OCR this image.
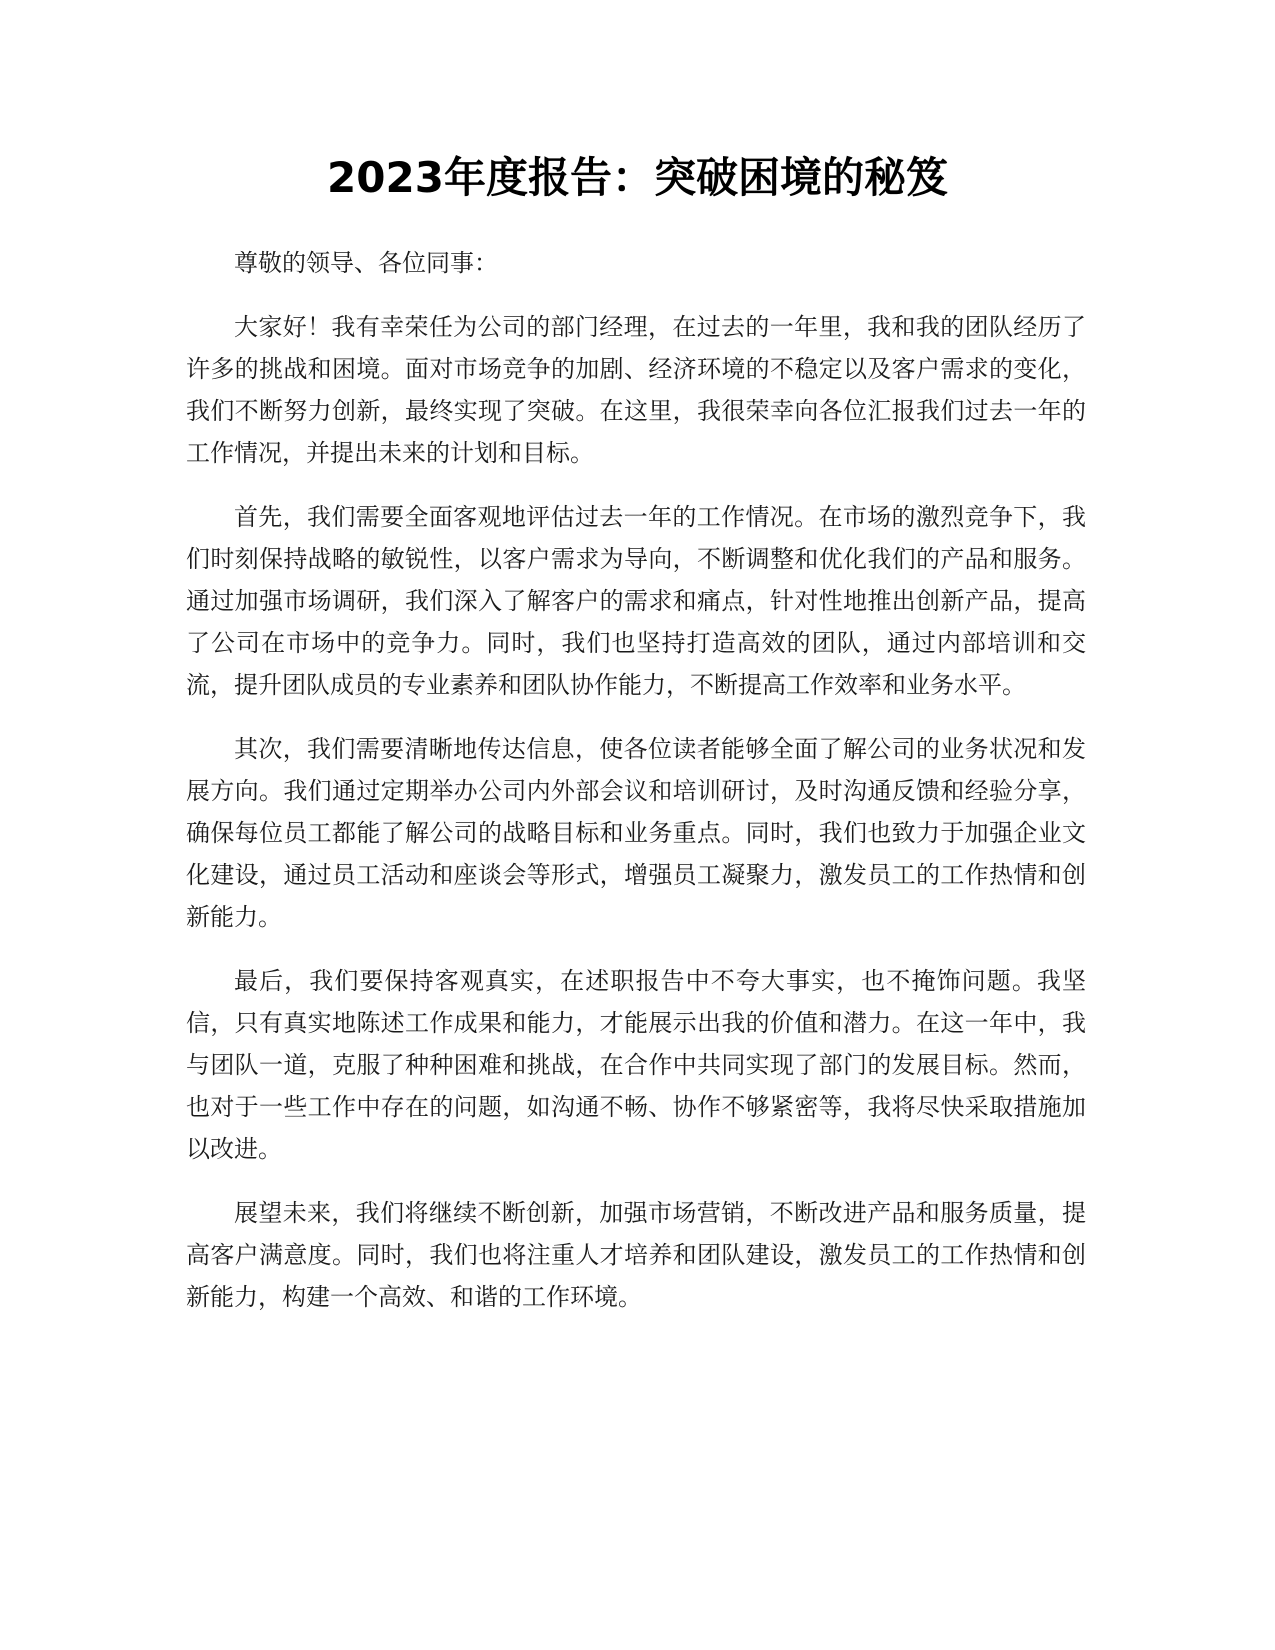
2023年度报告：突破困境的秘笈

尊敬的领导、各位同事：

大家好！我有幸荣任为公司的部门经理，在过去的一年里，我和我的团队经历了许多的挑战和困境。面对市场竞争的加剧、经济环境的不稳定以及客户需求的变化，我们不断努力创新，最终实现了突破。在这里，我很荣幸向各位汇报我们过去一年的工作情况，并提出未来的计划和目标。

首先，我们需要全面客观地评估过去一年的工作情况。在市场的激烈竞争下，我们时刻保持战略的敏锐性，以客户需求为导向，不断调整和优化我们的产品和服务。通过加强市场调研，我们深入了解客户的需求和痛点，针对性地推出创新产品，提高了公司在市场中的竞争力。同时，我们也坚持打造高效的团队，通过内部培训和交流，提升团队成员的专业素养和团队协作能力，不断提高工作效率和业务水平。

其次，我们需要清晰地传达信息，使各位读者能够全面了解公司的业务状况和发展方向。我们通过定期举办公司内外部会议和培训研讨，及时沟通反馈和经验分享，确保每位员工都能了解公司的战略目标和业务重点。同时，我们也致力于加强企业文化建设，通过员工活动和座谈会等形式，增强员工凝聚力，激发员工的工作热情和创新能力。

最后，我们要保持客观真实，在述职报告中不夸大事实，也不掩饰问题。我坚信，只有真实地陈述工作成果和能力，才能展示出我的价值和潜力。在这一年中，我与团队一道，克服了种种困难和挑战，在合作中共同实现了部门的发展目标。然而，也对于一些工作中存在的问题，如沟通不畅、协作不够紧密等，我将尽快采取措施加以改进。

展望未来，我们将继续不断创新，加强市场营销，不断改进产品和服务质量，提高客户满意度。同时，我们也将注重人才培养和团队建设，激发员工的工作热情和创新能力，构建一个高效、和谐的工作环境。
